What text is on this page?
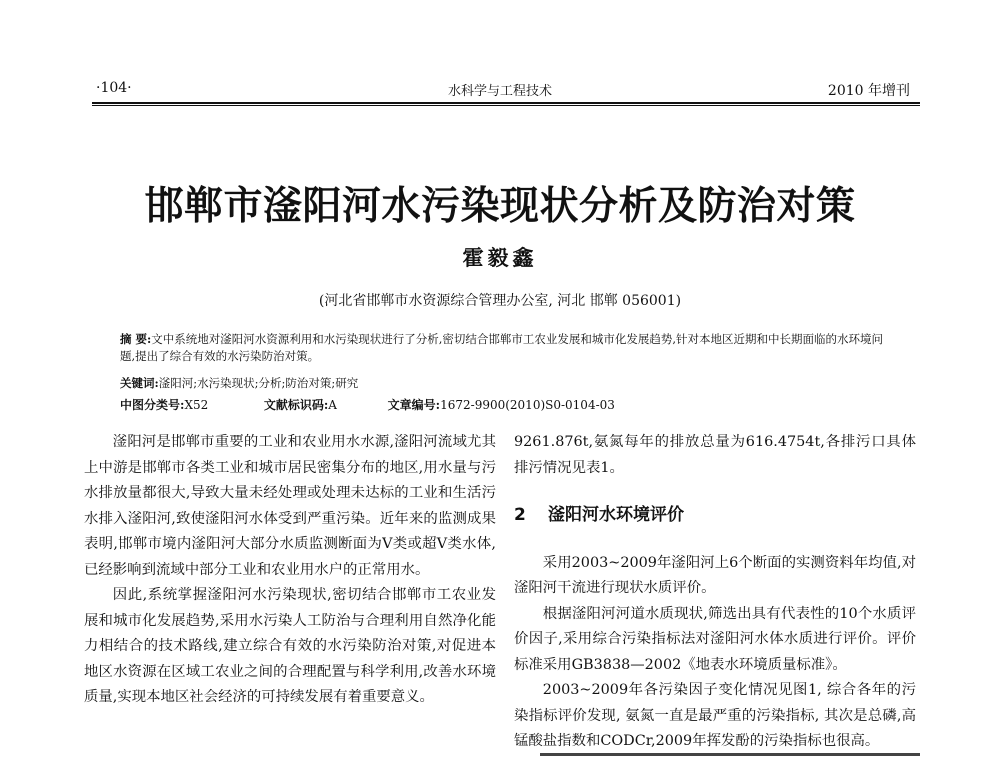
·104·	水科学与工程技术	2010 年增刊
邯郸市滏阳河水污染现状分析及防治对策
霍毅鑫
(河北省邯郸市水资源综合管理办公室, 河北 邯郸 056001)
摘 要:文中系统地对滏阳河水资源利用和水污染现状进行了分析,密切结合邯郸市工农业发展和城市化发展趋势,针对本地区近期和中长期面临的水环境问题,提出了综合有效的水污染防治对策。
关键词:滏阳河;水污染现状;分析;防治对策;研究
中图分类号:X52	文献标识码:A	文章编号:1672-9900(2010)S0-0104-03

滏阳河是邯郸市重要的工业和农业用水水源,滏阳河流域尤其上中游是邯郸市各类工业和城市居民密集分布的地区,用水量与污水排放量都很大,导致大量未经处理或处理未达标的工业和生活污水排入滏阳河,致使滏阳河水体受到严重污染。近年来的监测成果表明,邯郸市境内滏阳河大部分水质监测断面为Ⅴ类或超Ⅴ类水体,已经影响到流域中部分工业和农业用水户的正常用水。

因此,系统掌握滏阳河水污染现状,密切结合邯郸市工农业发展和城市化发展趋势,采用水污染人工防治与合理利用自然净化能力相结合的技术路线,建立综合有效的水污染防治对策,对促进本地区水资源在区域工农业之间的合理配置与科学利用,改善水环境质量,实现本地区社会经济的可持续发展有着重要意义。

9261.876t,氨氮每年的排放总量为616.4754t,各排污口具体排污情况见表1。

2 滏阳河水环境评价

采用2003~2009年滏阳河上6个断面的实测资料年均值,对滏阳河干流进行现状水质评价。

根据滏阳河河道水质现状,筛选出具有代表性的10个水质评价因子,采用综合污染指标法对滏阳河水体水质进行评价。评价标准采用GB3838—2002《地表水环境质量标准》。

2003~2009年各污染因子变化情况见图1, 综合各年的污染指标评价发现, 氨氮一直是最严重的污染指标, 其次是总磷,高锰酸盐指数和CODCr,2009年挥发酚的污染指标也很高。
